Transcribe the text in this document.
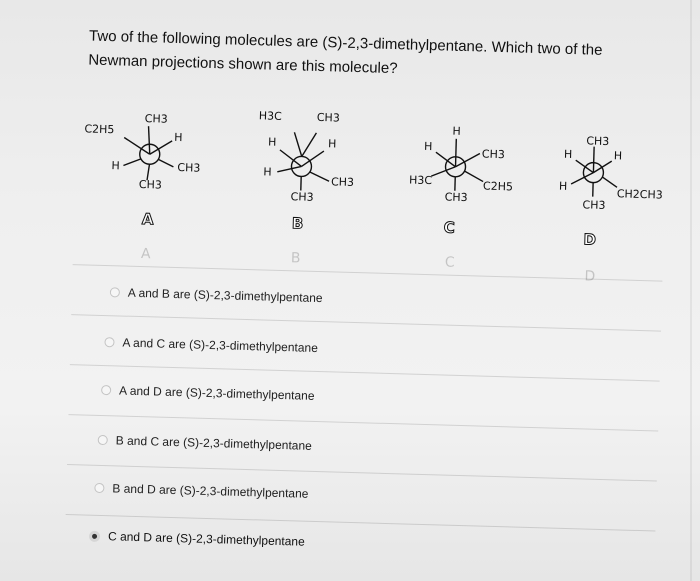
Two of the following molecules are (S)-2,3-dimethylpentane. Which two of the
Newman projections shown are this molecule?
C2H5
CH3
H
H	CH3
CH3
A
A
H3C	CH3
H	H
H
CH3
CH3
B
B
H
H
CH3
H3C	C2H5
CH3
C
C
CH3
H	H
H
CH2CH3
CH3
D
D
A and B are (S)-2,3-dimethylpentane
A and C are (S)-2,3-dimethylpentane
A and D are (S)-2,3-dimethylpentane
B and C are (S)-2,3-dimethylpentane
B and D are (S)-2,3-dimethylpentane
C and D are (S)-2,3-dimethylpentane
